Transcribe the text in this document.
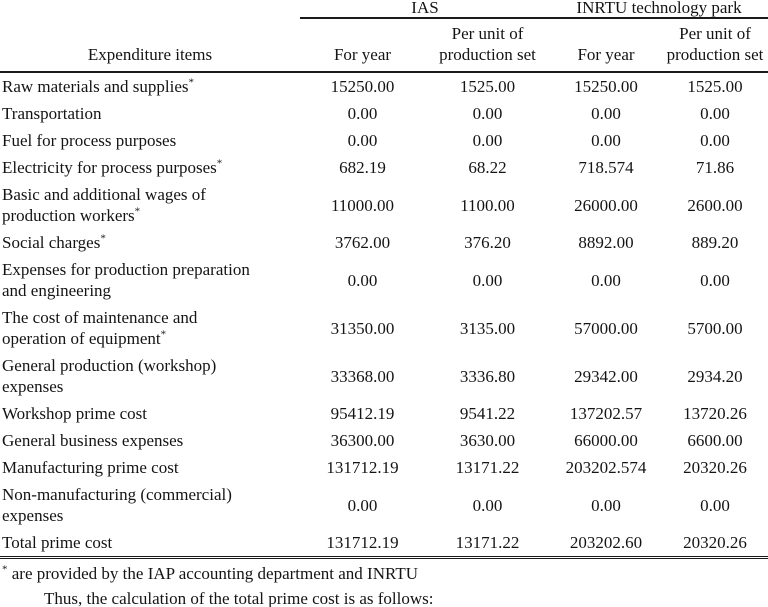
Expenditure items	IAS		INRTU technology park	
	For year	Per unit of production set	For year	Per unit of production set
Raw materials and supplies*	15250.00	1525.00	15250.00	1525.00
Transportation	0.00	0.00	0.00	0.00
Fuel for process purposes	0.00	0.00	0.00	0.00
Electricity for process purposes*	682.19	68.22	718.574	71.86
Basic and additional wages of production workers*	11000.00	1100.00	26000.00	2600.00
Social charges*	3762.00	376.20	8892.00	889.20
Expenses for production preparation and engineering	0.00	0.00	0.00	0.00
The cost of maintenance and operation of equipment*	31350.00	3135.00	57000.00	5700.00
General production (workshop) expenses	33368.00	3336.80	29342.00	2934.20
Workshop prime cost	95412.19	9541.22	137202.57	13720.26
General business expenses	36300.00	3630.00	66000.00	6600.00
Manufacturing prime cost	131712.19	13171.22	203202.574	20320.26
Non-manufacturing (commercial) expenses	0.00	0.00	0.00	0.00
Total prime cost	131712.19	13171.22	203202.60	20320.26
* are provided by the IAP accounting department and INRTU
Thus, the calculation of the total prime cost is as follows:
